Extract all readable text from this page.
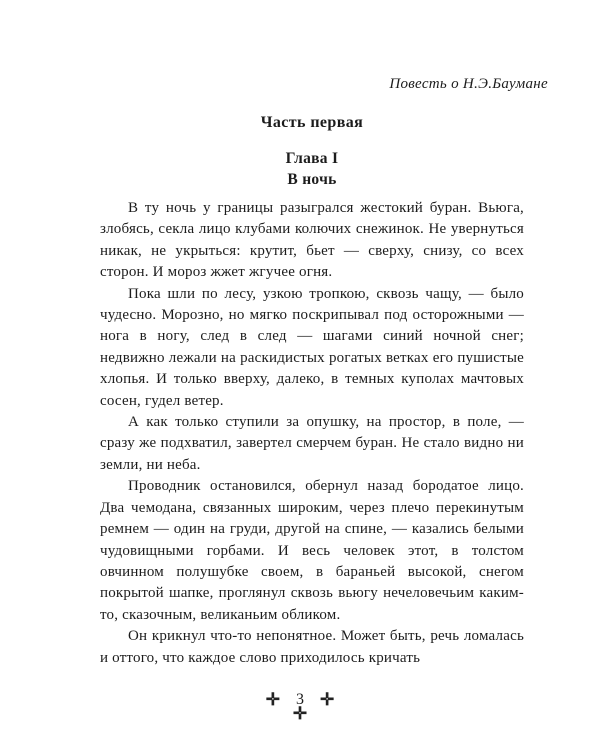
Повесть о Н.Э.Баумане
Часть первая
Глава I
В ночь

В ту ночь у границы разыгрался жестокий буран. Вьюга, злобясь, секла лицо клубами колючих снежинок. Не увернуться никак, не укрыться: крутит, бьет — сверху, снизу, со всех сторон. И мороз жжет жгучее огня.

Пока шли по лесу, узкою тропкою, сквозь чащу, — было чудесно. Морозно, но мягко поскрипывал под осторожными — нога в ногу, след в след — шагами синий ночной снег; недвижно лежали на раскидистых рогатых ветках его пушистые хлопья. И только вверху, далеко, в темных куполах мачтовых сосен, гудел ветер.

А как только ступили за опушку, на простор, в поле, — сразу же подхватил, завертел смерчем буран. Не стало видно ни земли, ни неба.

Проводник остановился, обернул назад бородатое лицо. Два чемодана, связанных широким, через плечо перекинутым ремнем — один на груди, другой на спине, — казались белыми чудовищными горбами. И весь человек этот, в толстом овчинном полушубке своем, в бараньей высокой, снегом покрытой шапке, проглянул сквозь вьюгу нечеловечьим каким-то, сказочным, великаньим обликом.

Он крикнул что-то непонятное. Может быть, речь ломалась и оттого, что каждое слово приходилось кричать

✛ 3 ✛
✛
